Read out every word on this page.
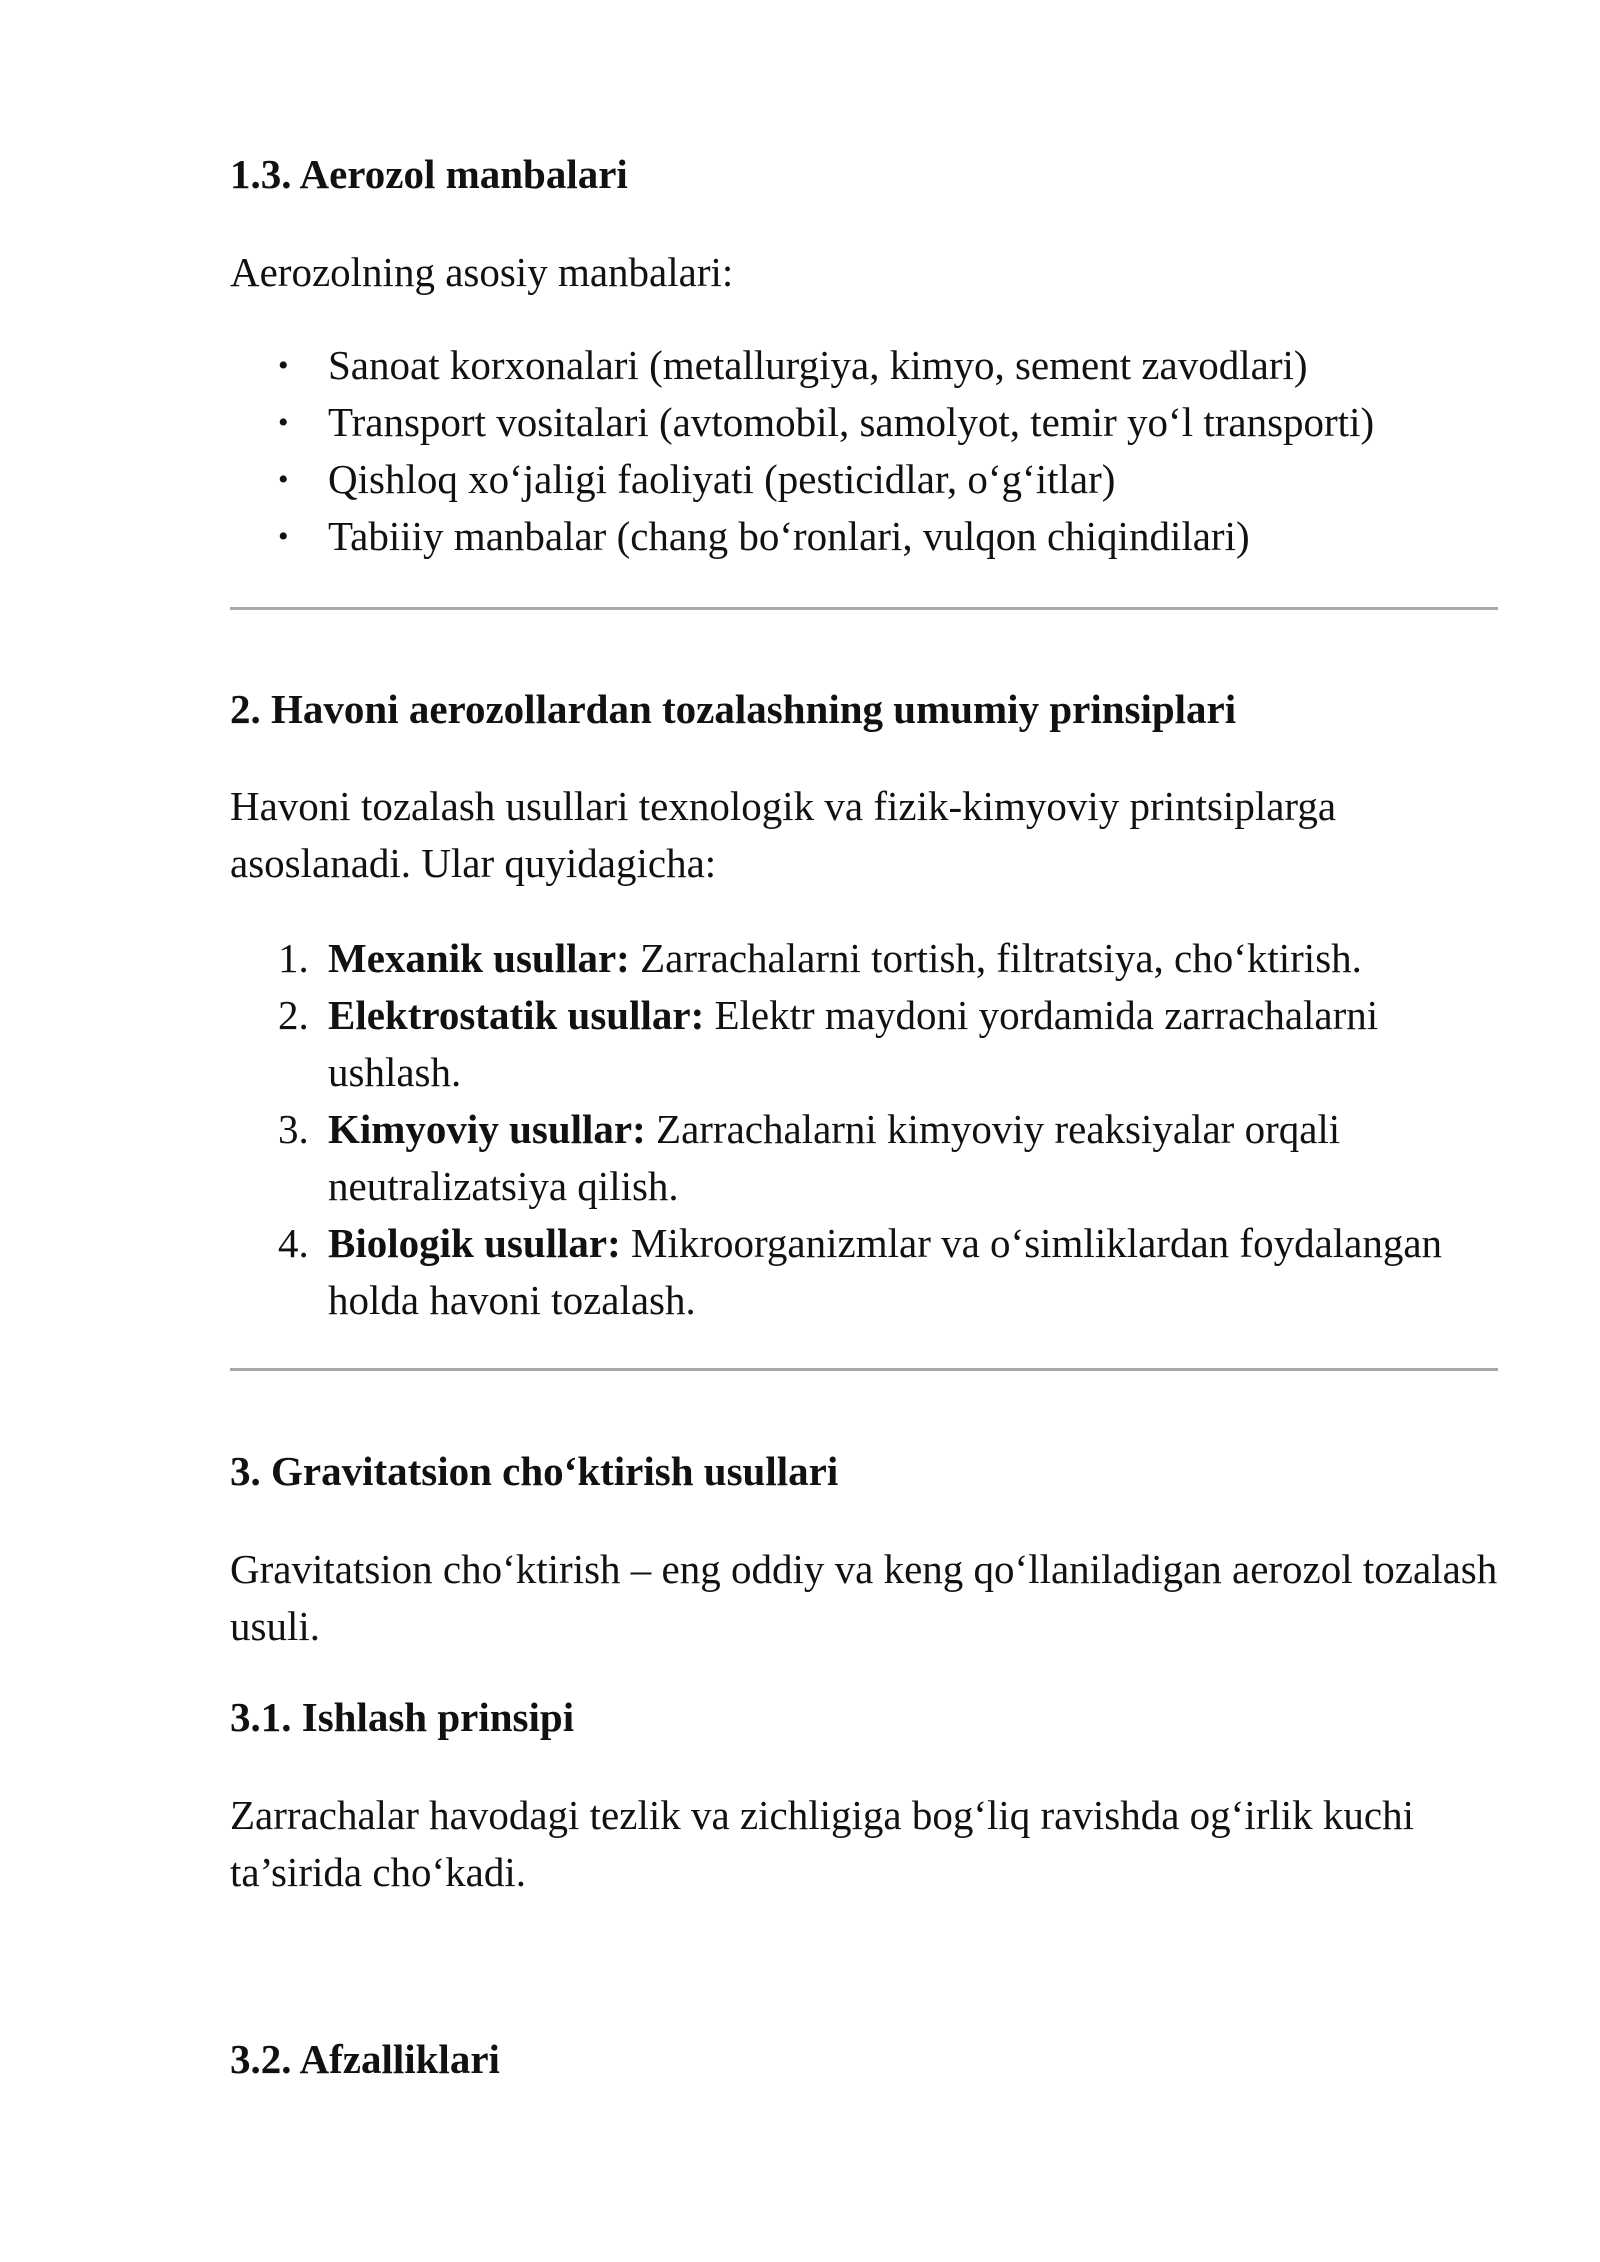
1.3. Aerozol manbalari

Aerozolning asosiy manbalari:

• Sanoat korxonalari (metallurgiya, kimyo, sement zavodlari)
• Transport vositalari (avtomobil, samolyot, temir yo‘l transporti)
• Qishloq xo‘jaligi faoliyati (pesticidlar, o‘g‘itlar)
• Tabiiiy manbalar (chang bo‘ronlari, vulqon chiqindilari)
2. Havoni aerozollardan tozalashning umumiy prinsiplari

Havoni tozalash usullari texnologik va fizik-kimyoviy printsiplarga asoslanadi. Ular quyidagicha:

1. Mexanik usullar: Zarrachalarni tortish, filtratsiya, cho‘ktirish.
2. Elektrostatik usullar: Elektr maydoni yordamida zarrachalarni ushlash.
3. Kimyoviy usullar: Zarrachalarni kimyoviy reaksiyalar orqali neutralizatsiya qilish.
4. Biologik usullar: Mikroorganizmlar va o‘simliklardan foydalangan holda havoni tozalash.
3. Gravitatsion cho‘ktirish usullari

Gravitatsion cho‘ktirish – eng oddiy va keng qo‘llaniladigan aerozol tozalash usuli.

3.1. Ishlash prinsipi

Zarrachalar havodagi tezlik va zichligiga bog‘liq ravishda og‘irlik kuchi ta’sirida cho‘kadi.

3.2. Afzalliklari
